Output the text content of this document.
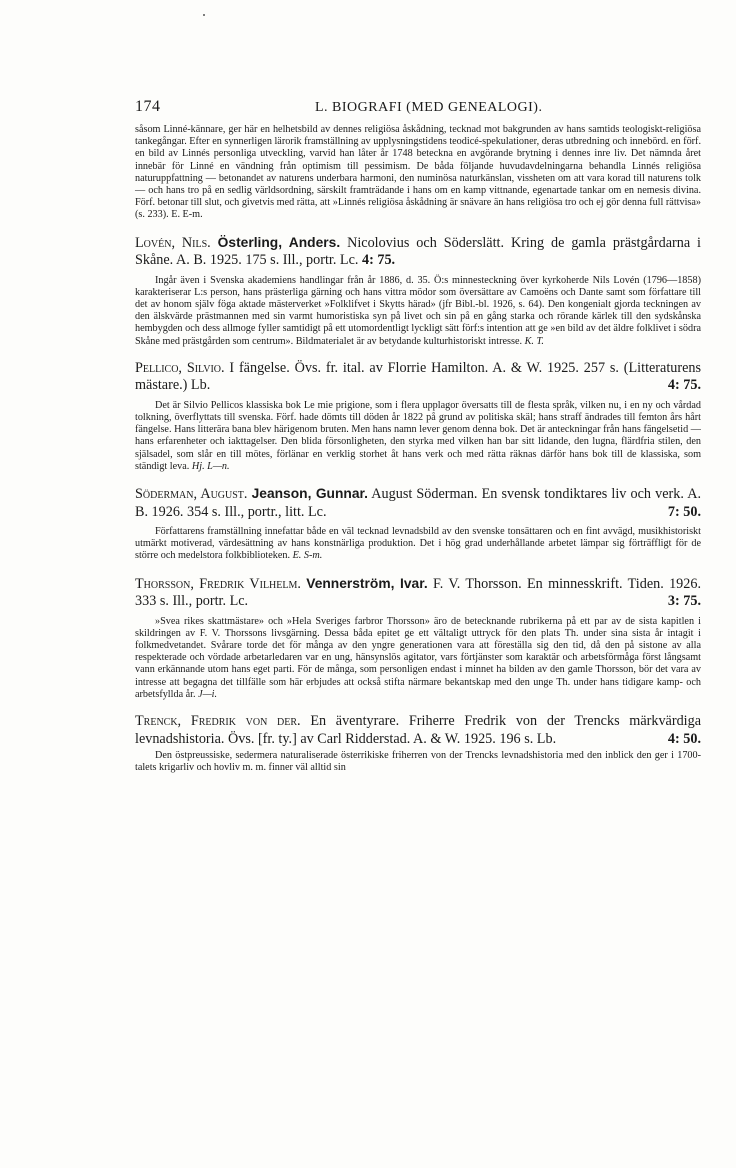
174	L. BIOGRAFI (MED GENEALOGI).
såsom Linné-kännare, ger här en helhetsbild av dennes religiösa åskådning, tecknad mot bakgrunden av hans samtids teologiskt-religiösa tankegångar. Efter en synnerligen lärorik framställning av upplysningstidens teodicé-spekulationer, deras utbredning och innebörd. en förf. en bild av Linnés personliga utveckling, varvid han låter år 1748 beteckna en avgörande brytning i dennes inre liv. Det nämnda året innebär för Linné en vändning från optimism till pessimism. De båda följande huvudavdelningarna behandla Linnés religiösa naturuppfattning — betonandet av naturens underbara harmoni, den numinösa naturkänslan, vissheten om att vara korad till naturens tolk — och hans tro på en sedlig världsordning, särskilt framträdande i hans om en kamp vittnande, egenartade tankar om en nemesis divina. Förf. betonar till slut, och givetvis med rätta, att »Linnés religiösa åskådning är snävare än hans religiösa tro och ej gör denna full rättvisa» (s. 233). E. E-m.
Lovén, Nils. Österling, Anders. Nicolovius och Söderslätt. Kring de gamla prästgårdarna i Skåne. A. B. 1925. 175 s. Ill., portr. Lc. 4: 75.
Ingår även i Svenska akademiens handlingar från år 1886, d. 35. Ö:s minnesteckning över kyrkoherde Nils Lovén (1796—1858) karakteriserar L:s person, hans prästerliga gärning och hans vittra mödor som översättare av Camoëns och Dante samt som författare till det av honom själv föga aktade mästerverket »Folklifvet i Skytts härad» (jfr Bibl.-bl. 1926, s. 64). Den kongenialt gjorda teckningen av den älskvärde prästmannen med sin varmt humoristiska syn på livet och sin på en gång starka och rörande kärlek till den sydskånska hembygden och dess allmoge fyller samtidigt på ett utomordentligt lyckligt sätt förf:s intention att ge »en bild av det äldre folklivet i södra Skåne med prästgården som centrum». Bildmaterialet är av betydande kulturhistoriskt intresse. K. T.
Pellico, Silvio. I fängelse. Övs. fr. ital. av Florrie Hamilton. A. & W. 1925. 257 s. (Litteraturens mästare.) Lb.	4: 75.
Det är Silvio Pellicos klassiska bok Le mie prigione, som i flera upplagor översatts till de flesta språk, vilken nu, i en ny och vårdad tolkning, överflyttats till svenska. Förf. hade dömts till döden år 1822 på grund av politiska skäl; hans straff ändrades till femton års hårt fängelse. Hans litterära bana blev härigenom bruten. Men hans namn lever genom denna bok. Det är anteckningar från hans fängelsetid — hans erfarenheter och iakttagelser. Den blida försonligheten, den styrka med vilken han bar sitt lidande, den lugna, flärdfria stilen, den själsadel, som slår en till mötes, förlänar en verklig storhet åt hans verk och med rätta räknas därför hans bok till de klassiska, som ständigt leva. Hj. L—n.
Söderman, August. Jeanson, Gunnar. August Söderman. En svensk tondiktares liv och verk. A. B. 1926. 354 s. Ill., portr., litt. Lc.	7: 50.
Författarens framställning innefattar både en väl tecknad levnadsbild av den svenske tonsättaren och en fint avvägd, musikhistoriskt utmärkt motiverad, värdesättning av hans konstnärliga produktion. Det i hög grad underhållande arbetet lämpar sig förträffligt för de större och medelstora folkbiblioteken. E. S-m.
Thorsson, Fredrik Vilhelm. Vennerström, Ivar. F. V. Thorsson. En minnesskrift. Tiden. 1926. 333 s. Ill., portr. Lc.	3: 75.
»Svea rikes skattmästare» och »Hela Sveriges farbror Thorsson» äro de betecknande rubrikerna på ett par av de sista kapitlen i skildringen av F. V. Thorssons livsgärning. Dessa båda epitet ge ett vältaligt uttryck för den plats Th. under sina sista år intagit i folkmedvetandet. Svårare torde det för många av den yngre generationen vara att föreställa sig den tid, då den på sistone av alla respekterade och vördade arbetarledaren var en ung, hänsynslös agitator, vars förtjänster som karaktär och arbetsförmåga först långsamt vann erkännande utom hans eget parti. För de många, som personligen endast i minnet ha bilden av den gamle Thorsson, bör det vara av intresse att begagna det tillfälle som här erbjudes att också stifta närmare bekantskap med den unge Th. under hans tidigare kamp- och arbetsfyllda år. J—i.
Trenck, Fredrik von der. En äventyrare. Friherre Fredrik von der Trencks märkvärdiga levnadshistoria. Övs. [fr. ty.] av Carl Ridderstad. A. & W. 1925. 196 s. Lb.	4: 50.
Den östpreussiske, sedermera naturaliserade österrikiske friherren von der Trencks levnadshistoria med den inblick den ger i 1700-talets krigarliv och hovliv m. m. finner väl alltid sin
